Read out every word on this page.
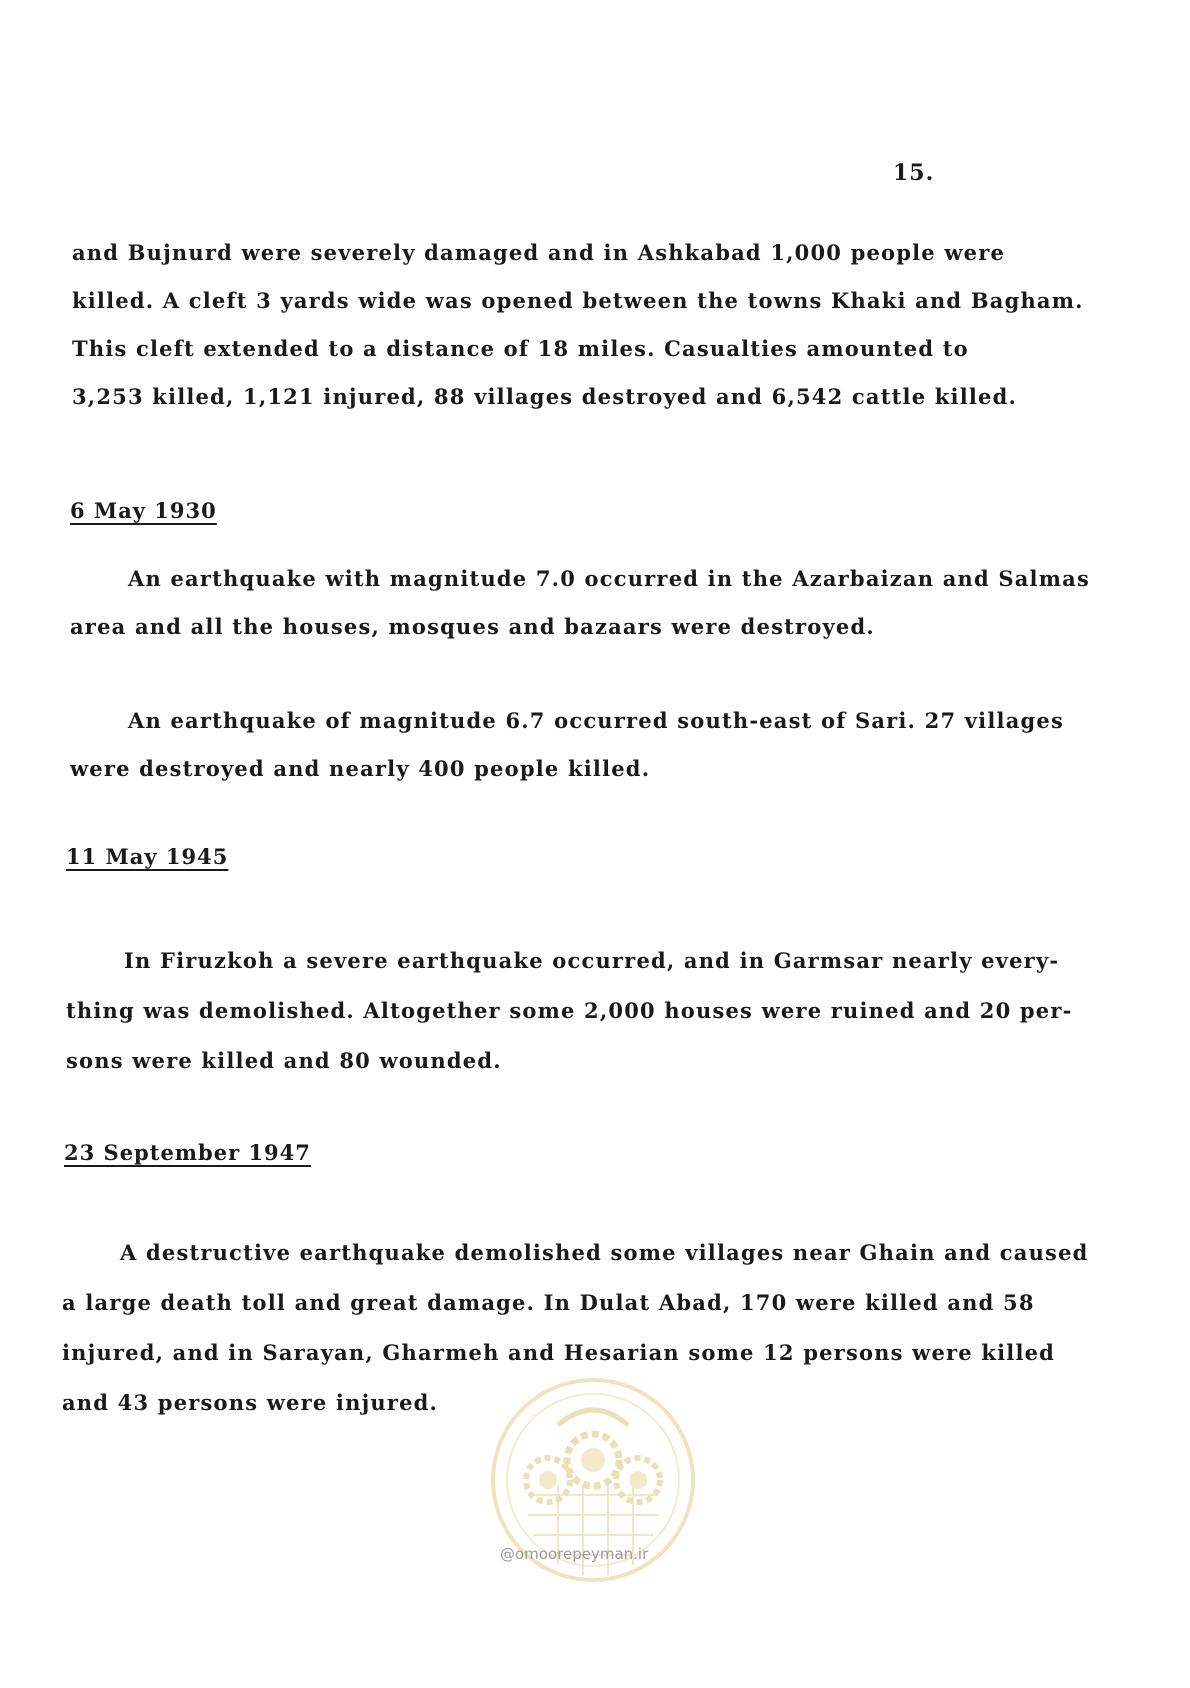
15.
and Bujnurd were severely damaged and in Ashkabad 1,000 people were
killed. A cleft 3 yards wide was opened between the towns Khaki and Bagham.
This cleft extended to a distance of 18 miles. Casualties amounted to
3,253 killed, 1,121 injured, 88 villages destroyed and 6,542 cattle killed.
6 May 1930
An earthquake with magnitude 7.0 occurred in the Azarbaizan and Salmas
area and all the houses, mosques and bazaars were destroyed.
An earthquake of magnitude 6.7 occurred south-east of Sari. 27 villages
were destroyed and nearly 400 people killed.
11 May 1945
In Firuzkoh a severe earthquake occurred, and in Garmsar nearly every-
thing was demolished. Altogether some 2,000 houses were ruined and 20 per-
sons were killed and 80 wounded.
23 September 1947
A destructive earthquake demolished some villages near Ghain and caused
a large death toll and great damage. In Dulat Abad, 170 were killed and 58
injured, and in Sarayan, Gharmeh and Hesarian some 12 persons were killed
and 43 persons were injured.
@omoorepeyman.ir
